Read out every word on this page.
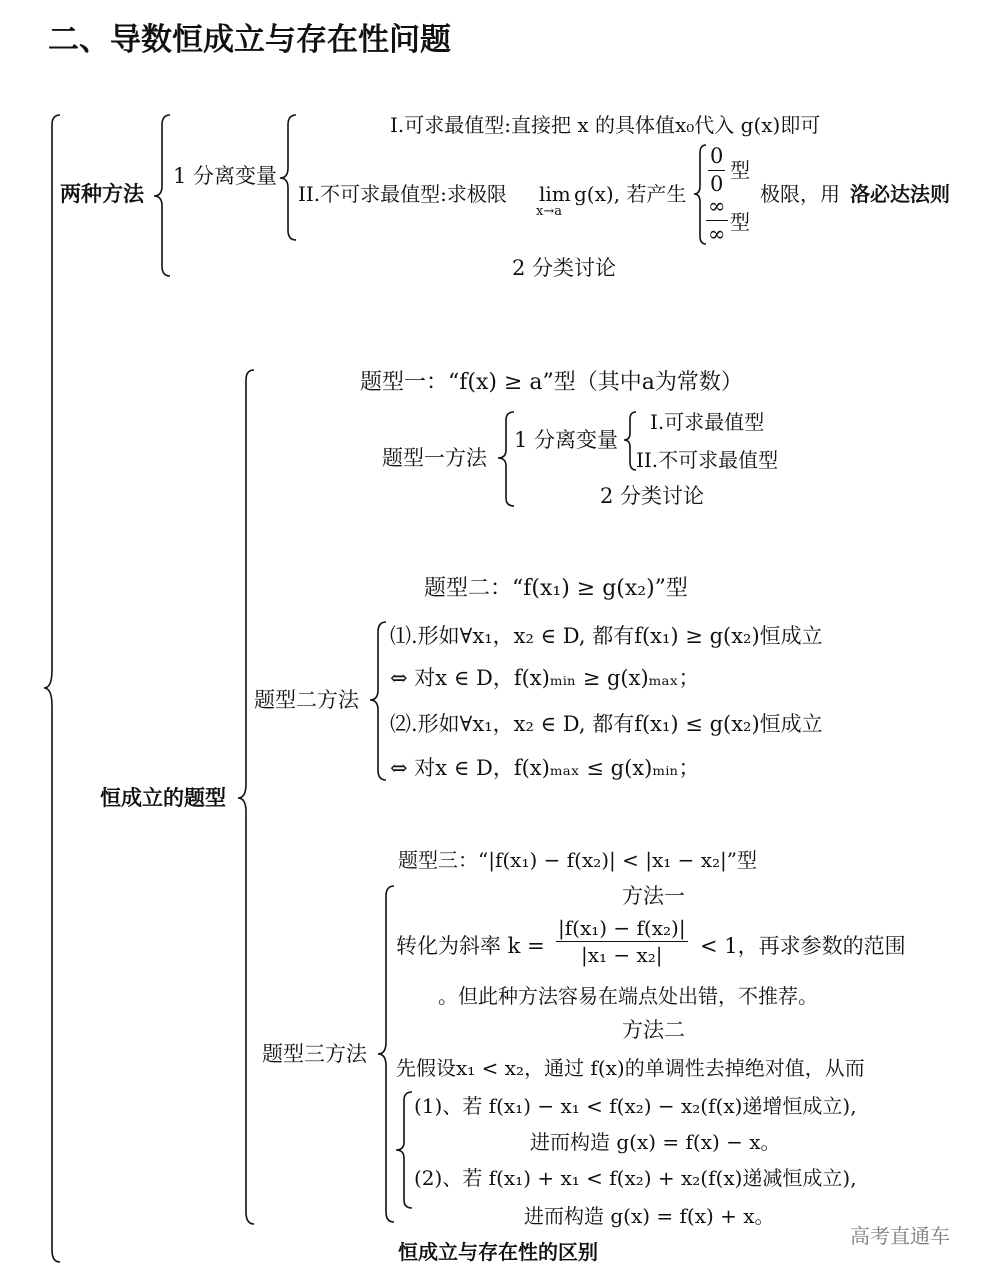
二、导数恒成立与存在性问题
两种方法
1 分离变量
I.可求最值型:直接把 x 的具体值x₀代入 g(x)即可
II.不可求最值型:求极限 lim
x→a
g(x), 若产生
0
0
型
∞
∞ 型
极限，用 洛必达法则
2 分类讨论
恒成立的题型
题型一：“f(x) ≥ a”型（其中a为常数）
题型一方法
1 分离变量
I.可求最值型
II.不可求最值型
2 分类讨论
题型二：“f(x₁) ≥ g(x₂)”型
题型二方法
⑴.形如∀x₁，x₂ ∈ D, 都有f(x₁) ≥ g(x₂)恒成立
⇔ 对x ∈ D，f(x)ₘᵢₙ ≥ g(x)ₘₐₓ；
⑵.形如∀x₁，x₂ ∈ D, 都有f(x₁) ≤ g(x₂)恒成立
⇔ 对x ∈ D，f(x)ₘₐₓ ≤ g(x)ₘᵢₙ；
题型三：“|f(x₁) − f(x₂)| < |x₁ − x₂|”型
题型三方法
方法一
转化为斜率 k =
|f(x₁) − f(x₂)|
|x₁ − x₂|	< 1，再求参数的范围
。但此种方法容易在端点处出错，不推荐。
方法二
先假设x₁ < x₂，通过 f(x)的单调性去掉绝对值，从而
(1)、若 f(x₁) − x₁ < f(x₂) − x₂(f(x)递增恒成立),
进而构造 g(x) = f(x) − x。
(2)、若 f(x₁) + x₁ < f(x₂) + x₂(f(x)递减恒成立),
进而构造 g(x) = f(x) + x。
恒成立与存在性的区别
高考直通车
